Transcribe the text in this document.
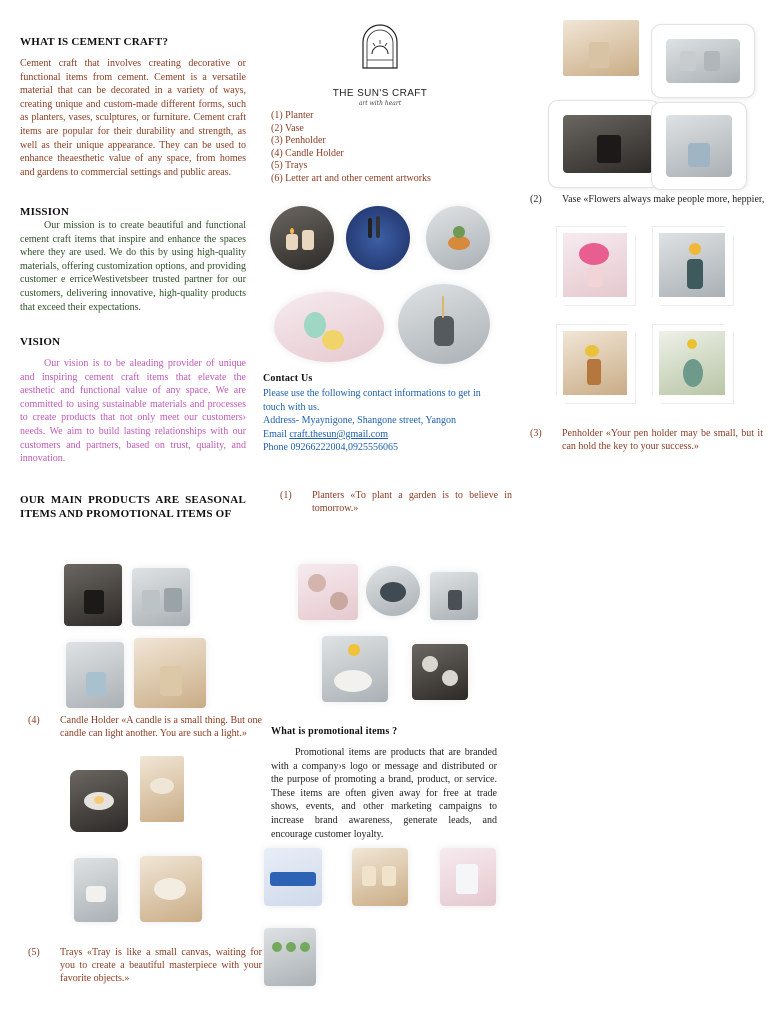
WHAT IS CEMENT CRAFT?
Cement craft that involves creating decorative or functional items from cement. Cement is a versatile material that can be decorated in a variety of ways, creating unique and custom-made different forms, such as planters, vases, sculptures, or furniture. Cement craft items are popular for their durability and strength, as well as their unique appearance. They can be used to enhance theaesthetic value of any space, from homes and gardens to commercial settings and public areas.
MISSION
Our mission is to create beautiful and functional cement craft items that inspire and enhance the spaces where they are used. We do this by using high-quality materials, offering customization options, and providing customer e erriceWestivetsbeer trusted partner for our customers, delivering innovative, high-quality products that exceed their expectations.
VISION
Our vision is to be aleading provider of unique and inspiring cement craft items that elevate the aesthetic and functional value of any space. We are committed to using sustainable materials and processes to create products that not only meet our customers› needs. We aim to build lasting relationships with our customers and partners, based on trust, quality, and innovation.
OUR MAIN PRODUCTS ARE SEASONAL ITEMS AND PROMOTIONAL ITEMS OF
(4) Candle Holder «A candle is a small thing. But one candle can light another. You are such a light.»
(5) Trays «Tray is like a small canvas, waiting for you to create a beautiful masterpiece with your favorite objects.»
THE SUN'S CRAFT
art with heart
(1) Planter
(2) Vase
(3) Penholder
(4) Candle Holder
(5) Trays
(6) Letter art and other cement artworks
Contact Us
Please use the following contact informations to get in touch with us.
Address- Myaynigone, Shangone street, Yangon
Email craft.thesun@gmail.com
Phone 09266222004,0925556065
(1) Planters «To plant a garden is to believe in tomorrow.»
What is promotional items ?
Promotional items are products that are branded with a company›s logo or message and distributed or the purpose of promoting a brand, product, or service. These items are often given away for free at trade shows, events, and other marketing campaigns to increase brand awareness, generate leads, and encourage customer loyalty.
(2) Vase «Flowers always make people more, heppier,
(3) Penholder «Your pen holder may be small, but it can hold the key to your success.»
